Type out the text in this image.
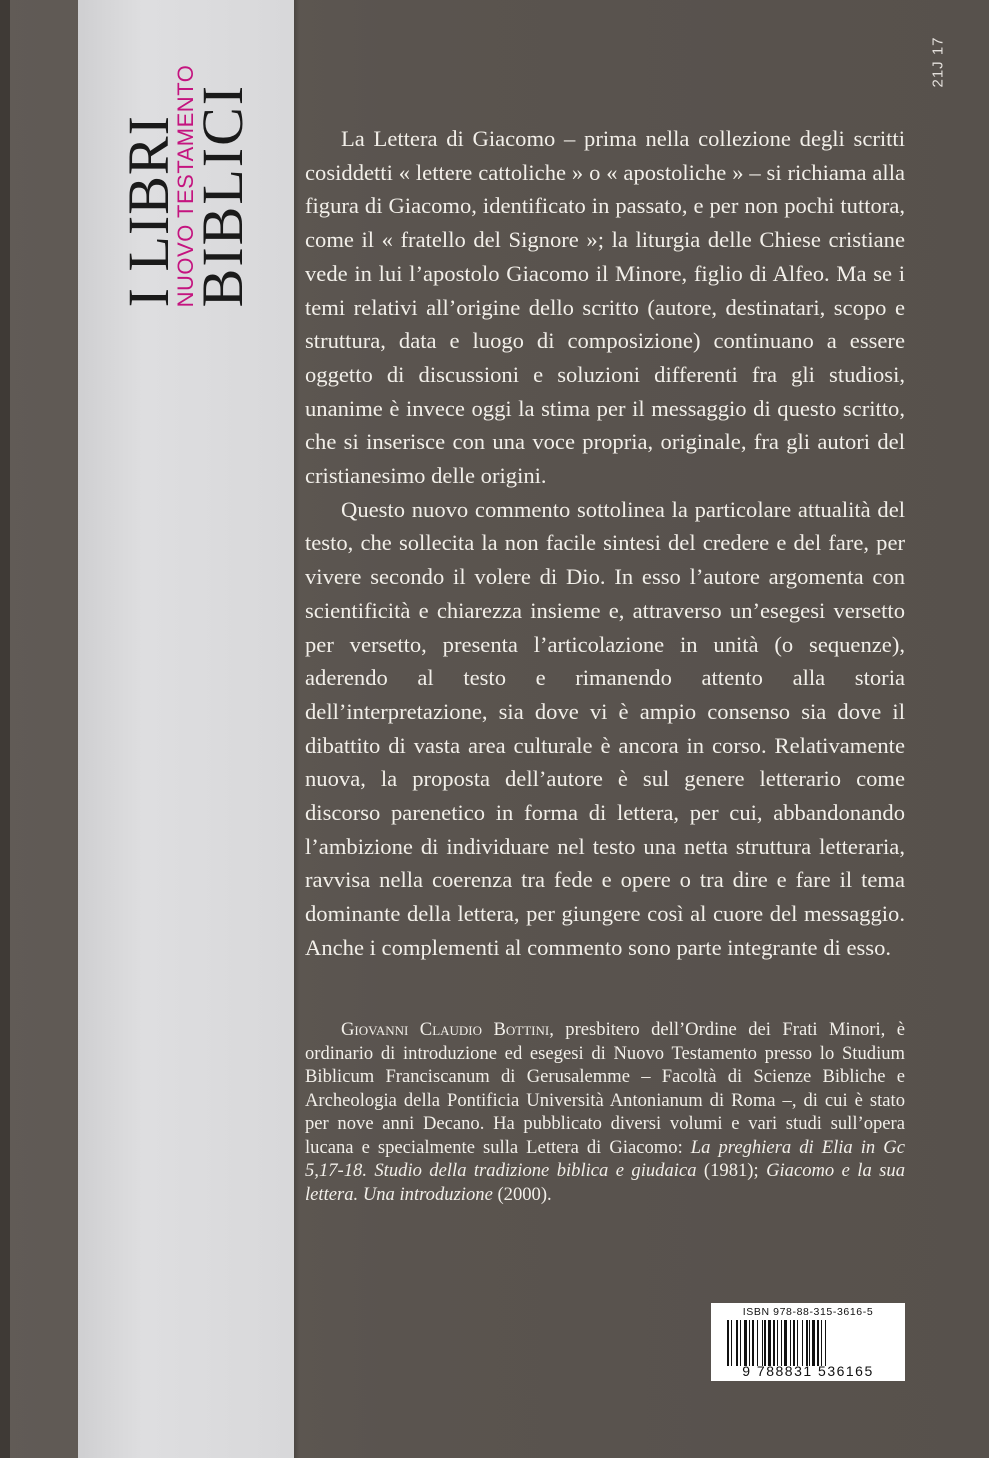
I LIBRI
NUOVO TESTAMENTO
BIBLICI
21J 17

La Lettera di Giacomo – prima nella collezione degli scritti cosiddetti « lettere cattoliche » o « apostoliche » – si richiama alla figura di Giacomo, identificato in passato, e per non pochi tuttora, come il « fratello del Signore »; la liturgia delle Chiese cristiane vede in lui l’apostolo Giacomo il Minore, figlio di Alfeo. Ma se i temi relativi all’origine dello scritto (autore, destinatari, scopo e struttura, data e luogo di composizione) continuano a essere oggetto di discussioni e soluzioni differenti fra gli studiosi, unanime è invece oggi la stima per il messaggio di questo scritto, che si inserisce con una voce propria, originale, fra gli autori del cristianesimo delle origini.

Questo nuovo commento sottolinea la particolare attualità del testo, che sollecita la non facile sintesi del credere e del fare, per vivere secondo il volere di Dio. In esso l’autore argomenta con scientificità e chiarezza insieme e, attraverso un’esegesi versetto per versetto, presenta l’articolazione in unità (o sequenze), aderendo al testo e rimanendo attento alla storia dell’interpretazione, sia dove vi è ampio consenso sia dove il dibattito di vasta area culturale è ancora in corso. Relativamente nuova, la proposta dell’autore è sul genere letterario come discorso parenetico in forma di lettera, per cui, abbandonando l’ambizione di individuare nel testo una netta struttura letteraria, ravvisa nella coerenza tra fede e opere o tra dire e fare il tema dominante della lettera, per giungere così al cuore del messaggio. Anche i complementi al commento sono parte integrante di esso.

Giovanni Claudio Bottini, presbitero dell’Ordine dei Frati Minori, è ordinario di introduzione ed esegesi di Nuovo Testamento presso lo Studium Biblicum Franciscanum di Gerusalemme – Facoltà di Scienze Bibliche e Archeologia della Pontificia Università Antonianum di Roma –, di cui è stato per nove anni Decano. Ha pubblicato diversi volumi e vari studi sull’opera lucana e specialmente sulla Lettera di Giacomo: La preghiera di Elia in Gc 5,17-18. Studio della tradizione biblica e giudaica (1981); Giacomo e la sua lettera. Una introduzione (2000).
ISBN 978-88-315-3616-5
9 788831 536165
